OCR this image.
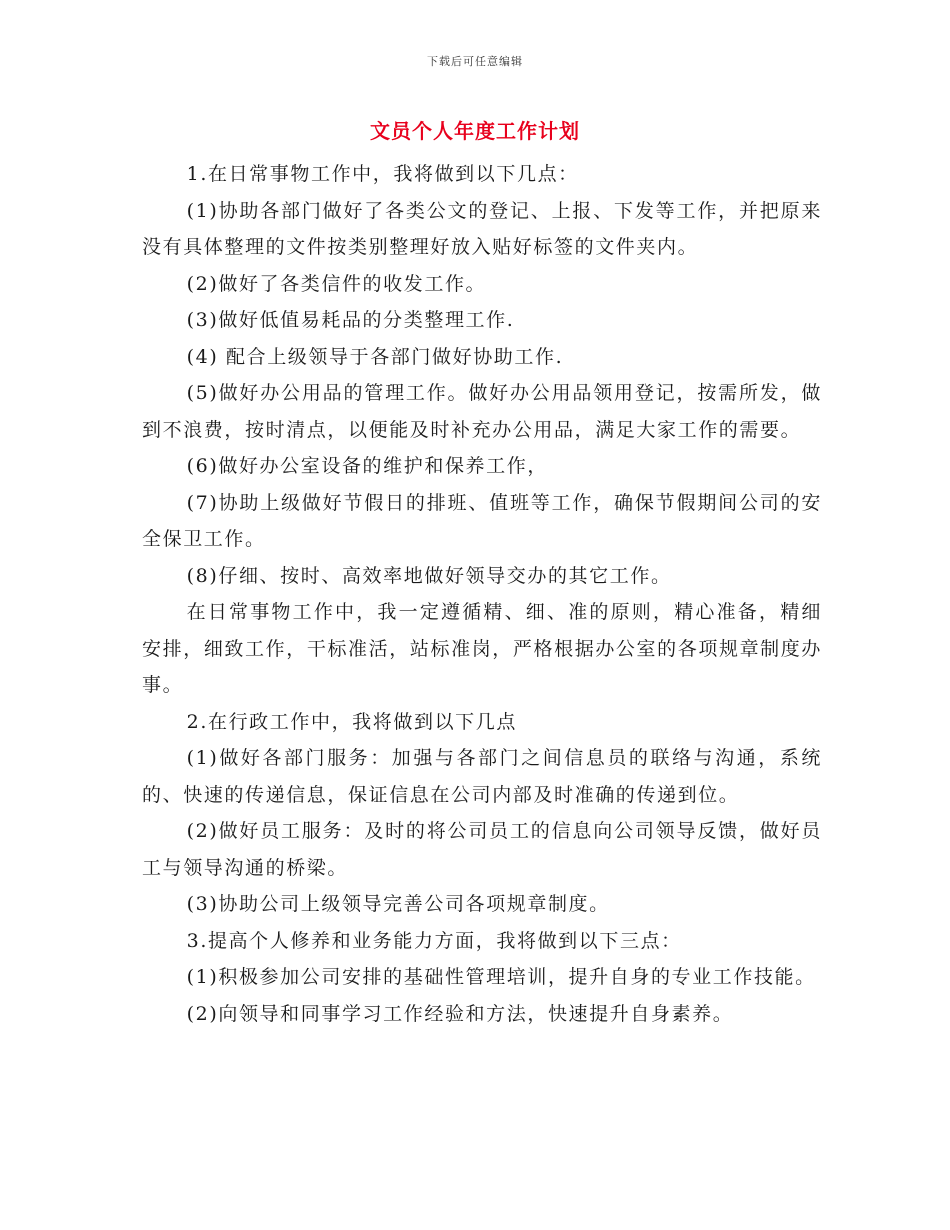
下载后可任意编辑
文员个人年度工作计划

1.在日常事物工作中，我将做到以下几点：

(1)协助各部门做好了各类公文的登记、上报、下发等工作，并把原来没有具体整理的文件按类别整理好放入贴好标签的文件夹内。

(2)做好了各类信件的收发工作。

(3)做好低值易耗品的分类整理工作.

(4) 配合上级领导于各部门做好协助工作.

(5)做好办公用品的管理工作。做好办公用品领用登记，按需所发，做到不浪费，按时清点，以便能及时补充办公用品，满足大家工作的需要。

(6)做好办公室设备的维护和保养工作，

(7)协助上级做好节假日的排班、值班等工作，确保节假期间公司的安全保卫工作。

(8)仔细、按时、高效率地做好领导交办的其它工作。

在日常事物工作中，我一定遵循精、细、准的原则，精心准备，精细安排，细致工作，干标准活，站标准岗，严格根据办公室的各项规章制度办事。

2.在行政工作中，我将做到以下几点

(1)做好各部门服务：加强与各部门之间信息员的联络与沟通，系统的、快速的传递信息，保证信息在公司内部及时准确的传递到位。

(2)做好员工服务：及时的将公司员工的信息向公司领导反馈，做好员工与领导沟通的桥梁。

(3)协助公司上级领导完善公司各项规章制度。

3.提高个人修养和业务能力方面，我将做到以下三点：

(1)积极参加公司安排的基础性管理培训，提升自身的专业工作技能。

(2)向领导和同事学习工作经验和方法，快速提升自身素养。
